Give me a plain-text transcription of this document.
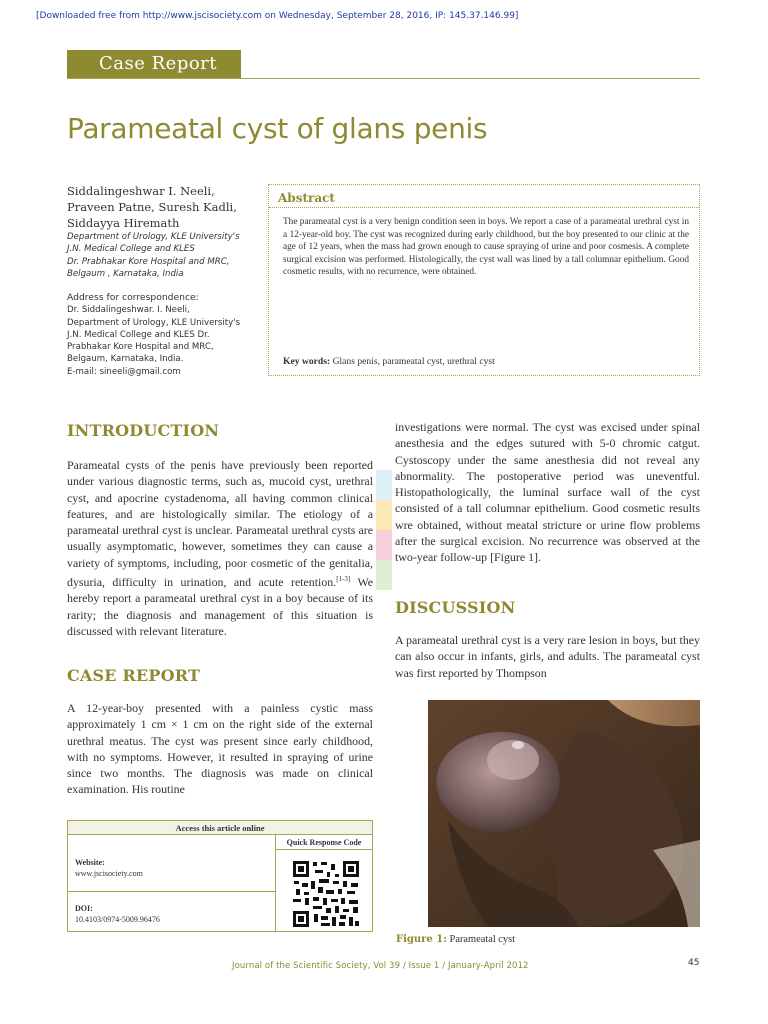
[Downloaded free from http://www.jscisociety.com on Wednesday, September 28, 2016, IP: 145.37.146.99]
Case Report
Parameatal cyst of glans penis
Siddalingeshwar I. Neeli,
Praveen Patne, Suresh Kadli,
Siddayya Hiremath
Department of Urology, KLE University's
J.N. Medical College and KLES
Dr. Prabhakar Kore Hospital and MRC,
Belgaum , Karnataka, India
Address for correspondence:
Dr. Siddalingeshwar. I. Neeli,
Department of Urology, KLE University's
J.N. Medical College and KLES Dr.
Prabhakar Kore Hospital and MRC,
Belgaum, Karnataka, India.
E-mail: sineeli@gmail.com
Abstract

The parameatal cyst is a very benign condition seen in boys. We report a case of a parameatal urethral cyst in a 12-year-old boy. The cyst was recognized during early childhood, but the boy presented to our clinic at the age of 12 years, when the mass had grown enough to cause spraying of urine and poor cosmesis. A complete surgical excision was performed. Histologically, the cyst wall was lined by a tall columnar epithelium. Good cosmetic results, with no recurrence, were obtained.

Key words: Glans penis, parameatal cyst, urethral cyst
INTRODUCTION

Parameatal cysts of the penis have previously been reported under various diagnostic terms, such as, mucoid cyst, urethral cyst, and apocrine cystadenoma, all having common clinical features, and are histologically similar. The etiology of a parameatal urethral cyst is unclear. Parameatal urethral cysts are usually asymptomatic, however, sometimes they can cause a variety of symptoms, including, poor cosmetic of the genitalia, dysuria, difficulty in urination, and acute retention.[1-3] We hereby report a parameatal urethral cyst in a boy because of its rarity; the diagnosis and management of this situation is discussed with relevant literature.

CASE REPORT

A 12-year-boy presented with a painless cystic mass approximately 1 cm × 1 cm on the right side of the external urethral meatus. The cyst was present since early childhood, with no symptoms. However, it resulted in spraying of urine since two months. The diagnosis was made on clinical examination. His routine

investigations were normal. The cyst was excised under spinal anesthesia and the edges sutured with 5-0 chromic catgut. Cystoscopy under the same anesthesia did not reveal any abnormality. The postoperative period was uneventful. Histopathologically, the luminal surface wall of the cyst consisted of a tall columnar epithelium. Good cosmetic results wre obtained, without meatal stricture or urine flow problems after the surgical excision. No recurrence was observed at the two-year follow-up [Figure 1].

DISCUSSION

A parameatal urethral cyst is a very rare lesion in boys, but they can also occur in infants, girls, and adults. The parameatal cyst was first reported by Thompson

Access this article online
Quick Response Code
Website:
www.jscisociety.com
DOI:
10.4103/0974-5009.96476
Figure 1: Parameatal cyst
Journal of the Scientific Society, Vol 39 / Issue 1 / January-April 2012	45
